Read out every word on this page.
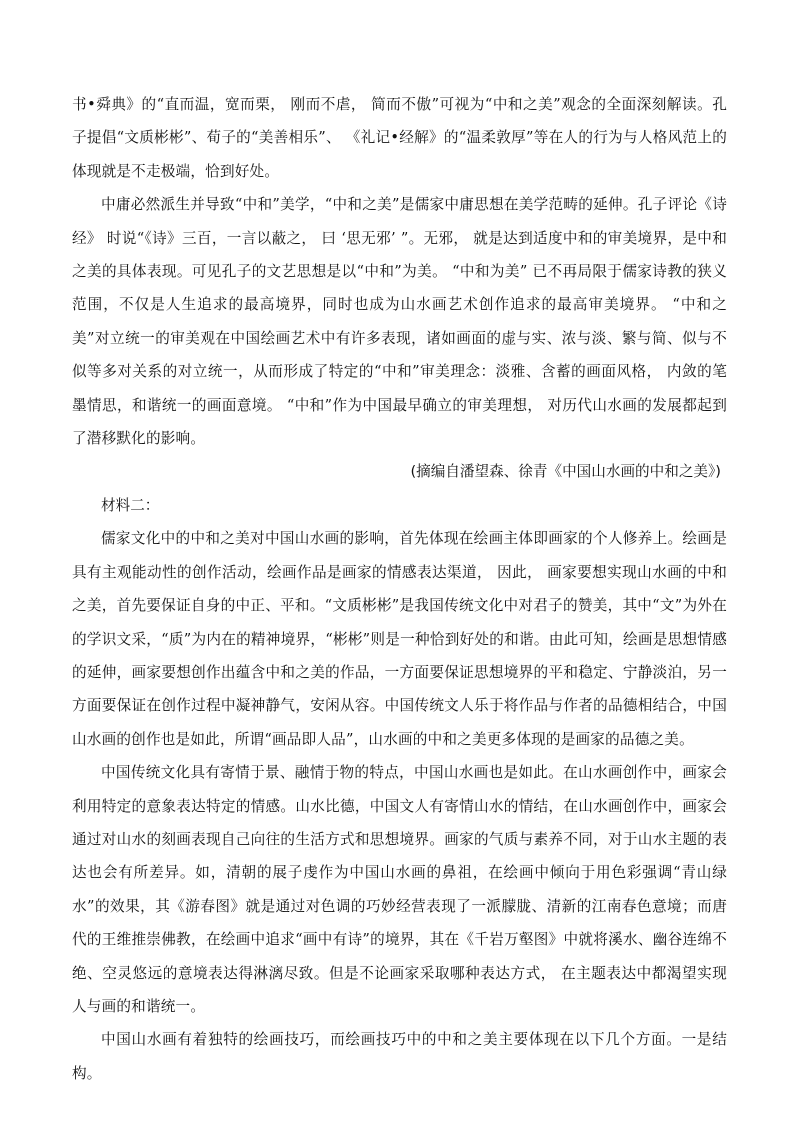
书•舜典》的“直而温，宽而栗， 刚而不虐， 简而不傲”可视为“中和之美”观念的全面深刻解读。孔子提倡“文质彬彬”、荀子的“美善相乐”、 《礼记•经解》的“温柔敦厚”等在人的行为与人格风范上的体现就是不走极端，恰到好处。

中庸必然派生并导致“中和”美学，“中和之美”是儒家中庸思想在美学范畴的延伸。孔子评论《诗经》 时说“《诗》三百，一言以蔽之， 曰 ‘思无邪’ ”。无邪， 就是达到适度中和的审美境界，是中和之美的具体表现。可见孔子的文艺思想是以“中和”为美。 “中和为美” 已不再局限于儒家诗教的狭义范围，不仅是人生追求的最高境界，同时也成为山水画艺术创作追求的最高审美境界。 “中和之美”对立统一的审美观在中国绘画艺术中有许多表现，诸如画面的虚与实、浓与淡、繁与简、似与不似等多对关系的对立统一，从而形成了特定的“中和”审美理念：淡雅、含蓄的画面风格， 内敛的笔墨情思，和谐统一的画面意境。 “中和”作为中国最早确立的审美理想， 对历代山水画的发展都起到了潜移默化的影响。

(摘编自潘望森、徐青《中国山水画的中和之美》)

材料二：

儒家文化中的中和之美对中国山水画的影响，首先体现在绘画主体即画家的个人修养上。绘画是具有主观能动性的创作活动，绘画作品是画家的情感表达渠道， 因此， 画家要想实现山水画的中和之美，首先要保证自身的中正、平和。“文质彬彬”是我国传统文化中对君子的赞美，其中“文”为外在的学识文采，“质”为内在的精神境界，“彬彬”则是一种恰到好处的和谐。由此可知，绘画是思想情感的延伸，画家要想创作出蕴含中和之美的作品，一方面要保证思想境界的平和稳定、宁静淡泊，另一方面要保证在创作过程中凝神静气，安闲从容。中国传统文人乐于将作品与作者的品德相结合，中国山水画的创作也是如此，所谓“画品即人品”，山水画的中和之美更多体现的是画家的品德之美。

中国传统文化具有寄情于景、融情于物的特点，中国山水画也是如此。在山水画创作中，画家会利用特定的意象表达特定的情感。山水比德，中国文人有寄情山水的情结，在山水画创作中，画家会通过对山水的刻画表现自己向往的生活方式和思想境界。画家的气质与素养不同，对于山水主题的表达也会有所差异。如，清朝的展子虔作为中国山水画的鼻祖，在绘画中倾向于用色彩强调“青山绿水”的效果，其《游春图》就是通过对色调的巧妙经营表现了一派朦胧、清新的江南春色意境；而唐代的王维推崇佛教，在绘画中追求“画中有诗”的境界，其在《千岩万壑图》中就将溪水、幽谷连绵不绝、空灵悠远的意境表达得淋漓尽致。但是不论画家采取哪种表达方式， 在主题表达中都渴望实现人与画的和谐统一。

中国山水画有着独特的绘画技巧，而绘画技巧中的中和之美主要体现在以下几个方面。一是结构。
